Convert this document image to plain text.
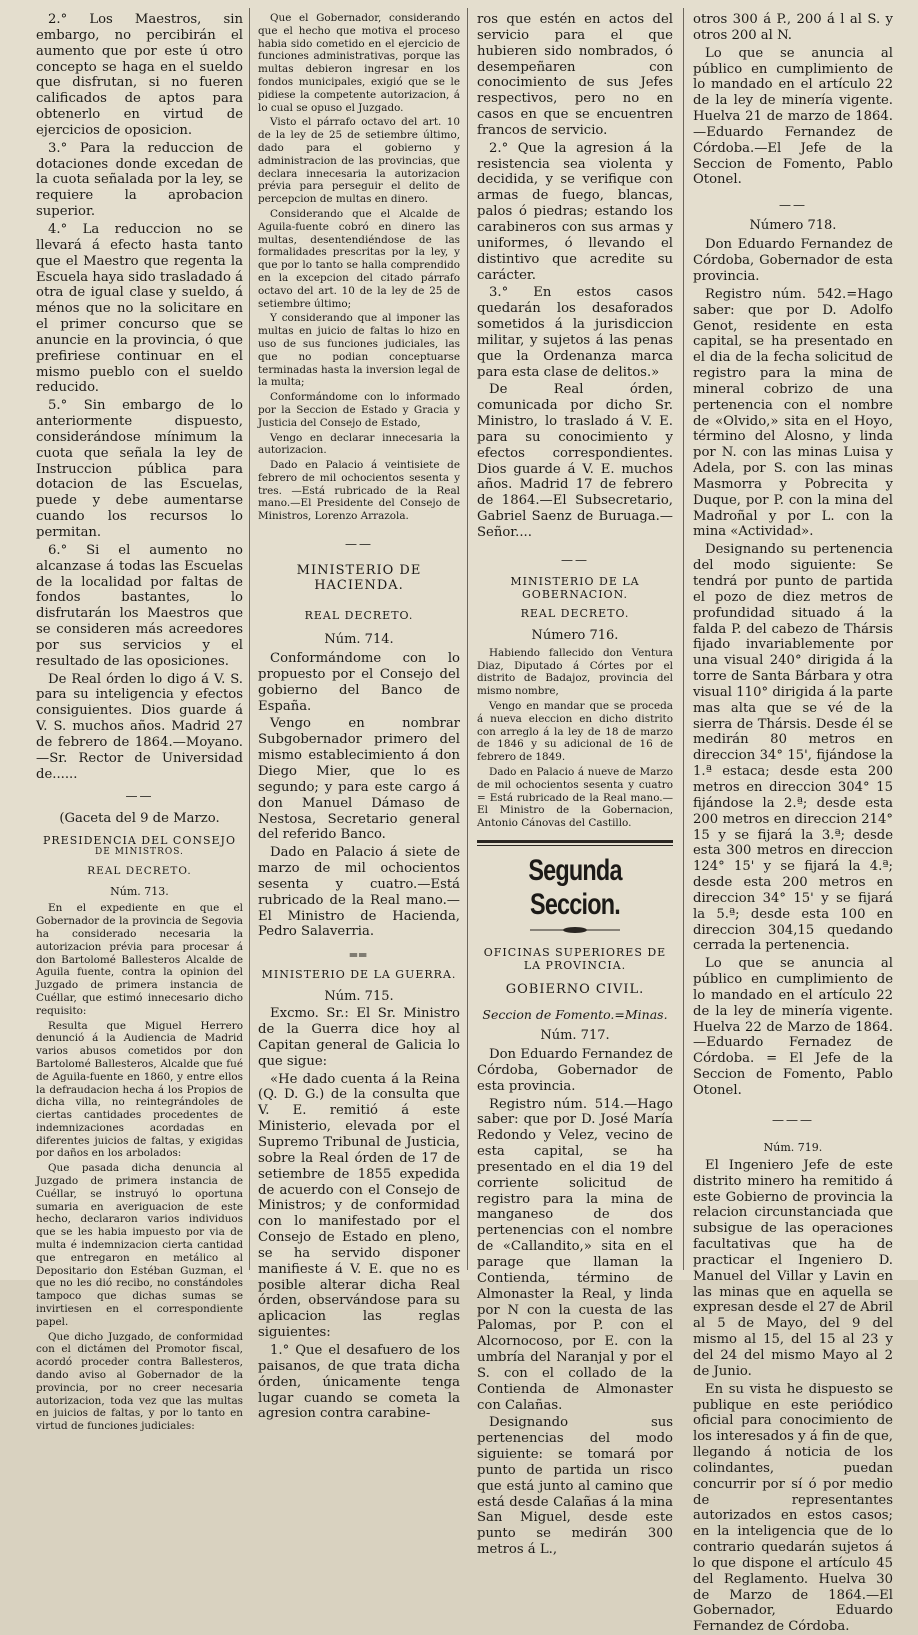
2.° Los Maestros, sin embargo, no percibirán el aumento que por este ú otro concepto se haga en el sueldo que disfrutan, si no fueren calificados de aptos para obtenerlo en virtud de ejercicios de oposicion.

3.° Para la reduccion de dotaciones donde excedan de la cuota señalada por la ley, se requiere la aprobacion superior.

4.° La reduccion no se llevará á efecto hasta tanto que el Maestro que regenta la Escuela haya sido trasladado á otra de igual clase y sueldo, á ménos que no la solicitare en el primer concurso que se anuncie en la provincia, ó que prefiriese continuar en el mismo pueblo con el sueldo reducido.

5.° Sin embargo de lo anteriormente dispuesto, considerándose mínimum la cuota que señala la ley de Instruccion pública para dotacion de las Escuelas, puede y debe aumentarse cuando los recursos lo permitan.

6.° Si el aumento no alcanzase á todas las Escuelas de la localidad por faltas de fondos bastantes, lo disfrutarán los Maestros que se consideren más acreedores por sus servicios y el resultado de las oposiciones.

De Real órden lo digo á V. S. para su inteligencia y efectos consiguientes. Dios guarde á V. S. muchos años. Madrid 27 de febrero de 1864.—Moyano.—Sr. Rector de Universidad de......

——

(Gaceta del 9 de Marzo.

PRESIDENCIA DEL CONSEJO
DE MINISTROS.
REAL DECRETO.
Núm. 713.

En el expediente en que el Gobernador de la provincia de Segovia ha considerado necesaria la autorizacion prévia para procesar á don Bartolomé Ballesteros Alcalde de Aguila fuente, contra la opinion del Juzgado de primera instancia de Cuéllar, que estimó innecesario dicho requisito:

Resulta que Miguel Herrero denunció á la Audiencia de Madrid varios abusos cometidos por don Bartolomé Ballesteros, Alcalde que fué de Aguila-fuente en 1860, y entre ellos la defraudacion hecha á los Propios de dicha villa, no reintegrándoles de ciertas cantidades procedentes de indemnizaciones acordadas en diferentes juicios de faltas, y exigidas por daños en los arbolados:

Que pasada dicha denuncia al Juzgado de primera instancia de Cuéllar, se instruyó lo oportuna sumaria en averiguacion de este hecho, declararon varios individuos que se les habia impuesto por via de multa é indemnizacion cierta cantidad que entregaron en metálico al Depositario don Estéban Guzman, el que no les dió recibo, no constándoles tampoco que dichas sumas se invirtiesen en el correspondiente papel.

Que dicho Juzgado, de conformidad con el dictámen del Promotor fiscal, acordó proceder contra Ballesteros, dando aviso al Gobernador de la provincia, por no creer necesaria autorizacion, toda vez que las multas en juicios de faltas, y por lo tanto en virtud de funciones judiciales:

Que el Gobernador, considerando que el hecho que motiva el proceso habia sido cometido en el ejercicio de funciones administrativas, porque las multas debieron ingresar en los fondos municipales, exigió que se le pidiese la competente autorizacion, á lo cual se opuso el Juzgado.

Visto el párrafo octavo del art. 10 de la ley de 25 de setiembre último, dado para el gobierno y administracion de las provincias, que declara innecesaria la autorizacion prévia para perseguir el delito de percepcion de multas en dinero.

Considerando que el Alcalde de Aguila-fuente cobró en dinero las multas, desentendiéndose de las formalidades prescritas por la ley, y que por lo tanto se halla comprendido en la excepcion del citado párrafo octavo del art. 10 de la ley de 25 de setiembre último;

Y considerando que al imponer las multas en juicio de faltas lo hizo en uso de sus funciones judiciales, las que no podian conceptuarse terminadas hasta la inversion legal de la multa;

Conformándome con lo informado por la Seccion de Estado y Gracia y Justicia del Consejo de Estado,

Vengo en declarar innecesaria la autorizacion.

Dado en Palacio á veintisiete de febrero de mil ochocientos sesenta y tres. —Está rubricado de la Real mano.—El Presidente del Consejo de Ministros, Lorenzo Arrazola.

——
MINISTERIO DE HACIENDA.
REAL DECRETO.
Núm. 714.

Conformándome con lo propuesto por el Consejo del gobierno del Banco de España.

Vengo en nombrar Subgobernador primero del mismo establecimiento á don Diego Mier, que lo es segundo; y para este cargo á don Manuel Dámaso de Nestosa, Secretario general del referido Banco.

Dado en Palacio á siete de marzo de mil ochocientos sesenta y cuatro.—Está rubricado de la Real mano.—El Ministro de Hacienda, Pedro Salaverria.

══
MINISTERIO DE LA GUERRA.
Núm. 715.

Excmo. Sr.: El Sr. Ministro de la Guerra dice hoy al Capitan general de Galicia lo que sigue:

«He dado cuenta á la Reina (Q. D. G.) de la consulta que V. E. remitió á este Ministerio, elevada por el Supremo Tribunal de Justicia, sobre la Real órden de 17 de setiembre de 1855 expedida de acuerdo con el Consejo de Ministros; y de conformidad con lo manifestado por el Consejo de Estado en pleno, se ha servido disponer manifieste á V. E. que no es posible alterar dicha Real órden, observándose para su aplicacion las reglas siguientes:

1.° Que el desafuero de los paisanos, de que trata dicha órden, únicamente tenga lugar cuando se cometa la agresion contra carabine-

ros que estén en actos del servicio para el que hubieren sido nombrados, ó desempeñaren con conocimiento de sus Jefes respectivos, pero no en casos en que se encuentren francos de servicio.

2.° Que la agresion á la resistencia sea violenta y decidida, y se verifique con armas de fuego, blancas, palos ó piedras; estando los carabineros con sus armas y uniformes, ó llevando el distintivo que acredite su carácter.

3.° En estos casos quedarán los desaforados sometidos á la jurisdiccion militar, y sujetos á las penas que la Ordenanza marca para esta clase de delitos.»

De Real órden, comunicada por dicho Sr. Ministro, lo traslado á V. E. para su conocimiento y efectos correspondientes. Dios guarde á V. E. muchos años. Madrid 17 de febrero de 1864.—El Subsecretario, Gabriel Saenz de Buruaga.—Señor....

——
MINISTERIO DE LA GOBERNACION.
REAL DECRETO.
Número 716.

Habiendo fallecido don Ventura Diaz, Diputado á Córtes por el distrito de Badajoz, provincia del mismo nombre,

Vengo en mandar que se proceda á nueva eleccion en dicho distrito con arreglo á la ley de 18 de marzo de 1846 y su adicional de 16 de febrero de 1849.

Dado en Palacio á nueve de Marzo de mil ochocientos sesenta y cuatro = Está rubricado de la Real mano.—El Ministro de la Gobernacion, Antonio Cánovas del Castillo.

Segunda Seccion.
OFICINAS SUPERIORES DE LA PROVINCIA.
GOBIERNO CIVIL.
Seccion de Fomento.=Minas.
Núm. 717.

Don Eduardo Fernandez de Córdoba, Gobernador de esta provincia.

Registro núm. 514.—Hago saber: que por D. José María Redondo y Velez, vecino de esta capital, se ha presentado en el dia 19 del corriente solicitud de registro para la mina de manganeso de dos pertenencias con el nombre de «Callandito,» sita en el parage que llaman la Contienda, término de Almonaster la Real, y linda por N con la cuesta de las Palomas, por P. con el Alcornocoso, por E. con la umbría del Naranjal y por el S. con el collado de la Contienda de Almonaster con Calañas.

Designando sus pertenencias del modo siguiente: se tomará por punto de partida un risco que está junto al camino que está desde Calañas á la mina San Miguel, desde este punto se medirán 300 metros á L.,

otros 300 á P., 200 á l al S. y otros 200 al N.

Lo que se anuncia al público en cumplimiento de lo mandado en el artículo 22 de la ley de minería vigente. Huelva 21 de marzo de 1864.—Eduardo Fernandez de Córdoba.—El Jefe de la Seccion de Fomento, Pablo Otonel.

——
Número 718.

Don Eduardo Fernandez de Córdoba, Gobernador de esta provincia.

Registro núm. 542.=Hago saber: que por D. Adolfo Genot, residente en esta capital, se ha presentado en el dia de la fecha solicitud de registro para la mina de mineral cobrizo de una pertenencia con el nombre de «Olvido,» sita en el Hoyo, término del Alosno, y linda por N. con las minas Luisa y Adela, por S. con las minas Masmorra y Pobrecita y Duque, por P. con la mina del Madroñal y por L. con la mina «Actividad».

Designando su pertenencia del modo siguiente: Se tendrá por punto de partida el pozo de diez metros de profundidad situado á la falda P. del cabezo de Thársis fijado invariablemente por una visual 240° dirigida á la torre de Santa Bárbara y otra visual 110° dirigida á la parte mas alta que se vé de la sierra de Thársis. Desde él se medirán 80 metros en direccion 34° 15', fijándose la 1.ª estaca; desde esta 200 metros en direccion 304° 15 fijándose la 2.ª; desde esta 200 metros en direccion 214° 15 y se fijará la 3.ª; desde esta 300 metros en direccion 124° 15' y se fijará la 4.ª; desde esta 200 metros en direccion 34° 15' y se fijará la 5.ª; desde esta 100 en direccion 304,15 quedando cerrada la pertenencia.

Lo que se anuncia al público en cumplimiento de lo mandado en el artículo 22 de la ley de minería vigente. Huelva 22 de Marzo de 1864.—Eduardo Fernadez de Córdoba. = El Jefe de la Seccion de Fomento, Pablo Otonel.

———
Núm. 719.

El Ingeniero Jefe de este distrito minero ha remitido á este Gobierno de provincia la relacion circunstanciada que subsigue de las operaciones facultativas que ha de practicar el Ingeniero D. Manuel del Villar y Lavin en las minas que en aquella se expresan desde el 27 de Abril al 5 de Mayo, del 9 del mismo al 15, del 15 al 23 y del 24 del mismo Mayo al 2 de Junio.

En su vista he dispuesto se publique en este periódico oficial para conocimiento de los interesados y á fin de que, llegando á noticia de los colindantes, puedan concurrir por sí ó por medio de representantes autorizados en estos casos; en la inteligencia que de lo contrario quedarán sujetos á lo que dispone el artículo 45 del Reglamento. Huelva 30 de Marzo de 1864.—El Gobernador, Eduardo Fernandez de Córdoba.
